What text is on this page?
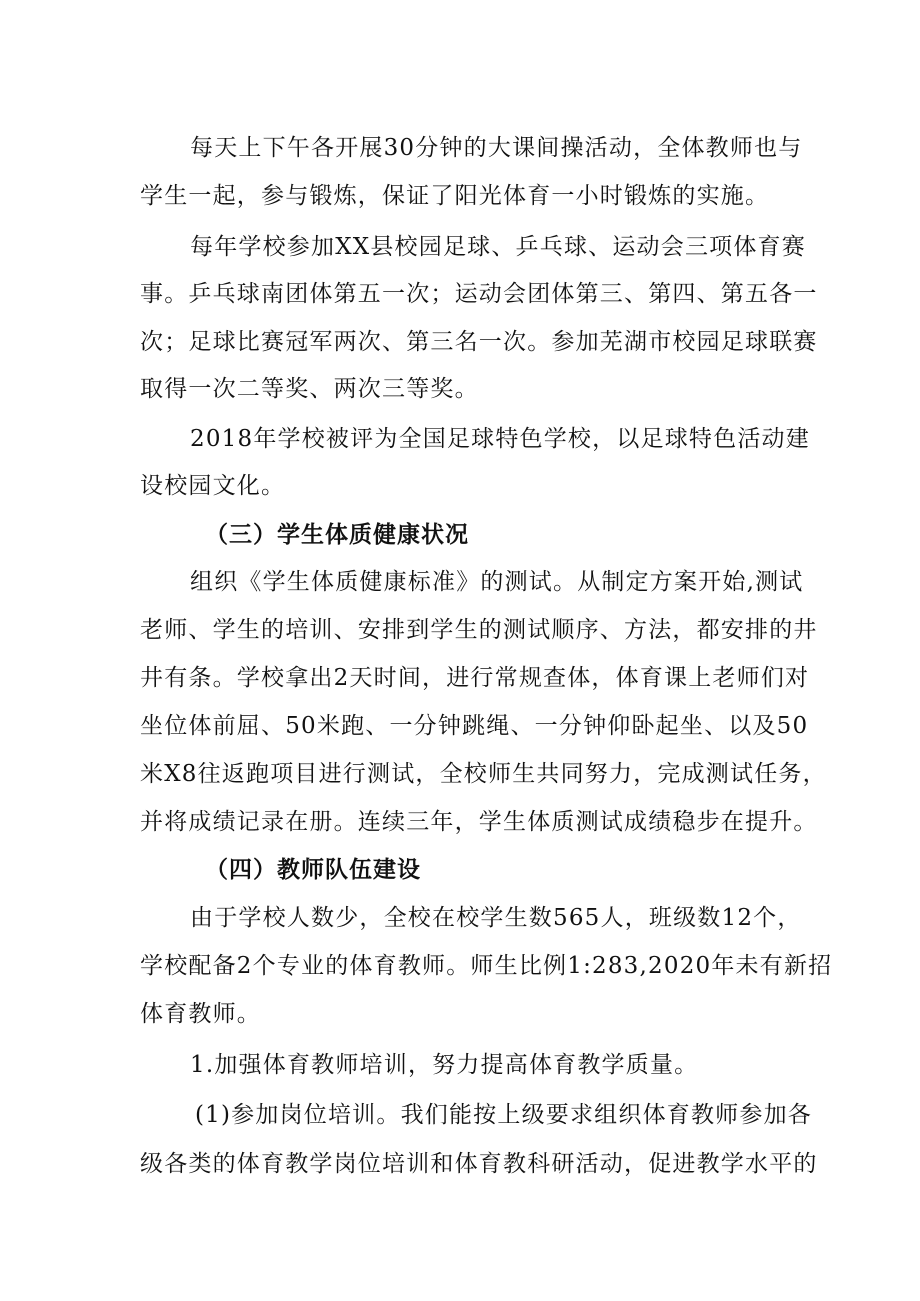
每天上下午各开展30分钟的大课间操活动，全体教师也与
学生一起，参与锻炼，保证了阳光体育一小时锻炼的实施。
每年学校参加XX县校园足球、乒乓球、运动会三项体育赛
事。乒乓球南团体第五一次；运动会团体第三、第四、第五各一
次；足球比赛冠军两次、第三名一次。参加芜湖市校园足球联赛
取得一次二等奖、两次三等奖。
2018年学校被评为全国足球特色学校，以足球特色活动建
设校园文化。
（三）学生体质健康状况
组织《学生体质健康标准》的测试。从制定方案开始,测试
老师、学生的培训、安排到学生的测试顺序、方法，都安排的井
井有条。学校拿出2天时间，进行常规查体，体育课上老师们对
坐位体前屈、50米跑、一分钟跳绳、一分钟仰卧起坐、以及50
米X8往返跑项目进行测试，全校师生共同努力，完成测试任务，
并将成绩记录在册。连续三年，学生体质测试成绩稳步在提升。
（四）教师队伍建设
由于学校人数少，全校在校学生数565人，班级数12个，
学校配备2个专业的体育教师。师生比例1:283,2020年未有新招
体育教师。
1.加强体育教师培训，努力提高体育教学质量。
(1)参加岗位培训。我们能按上级要求组织体育教师参加各
级各类的体育教学岗位培训和体育教科研活动，促进教学水平的
